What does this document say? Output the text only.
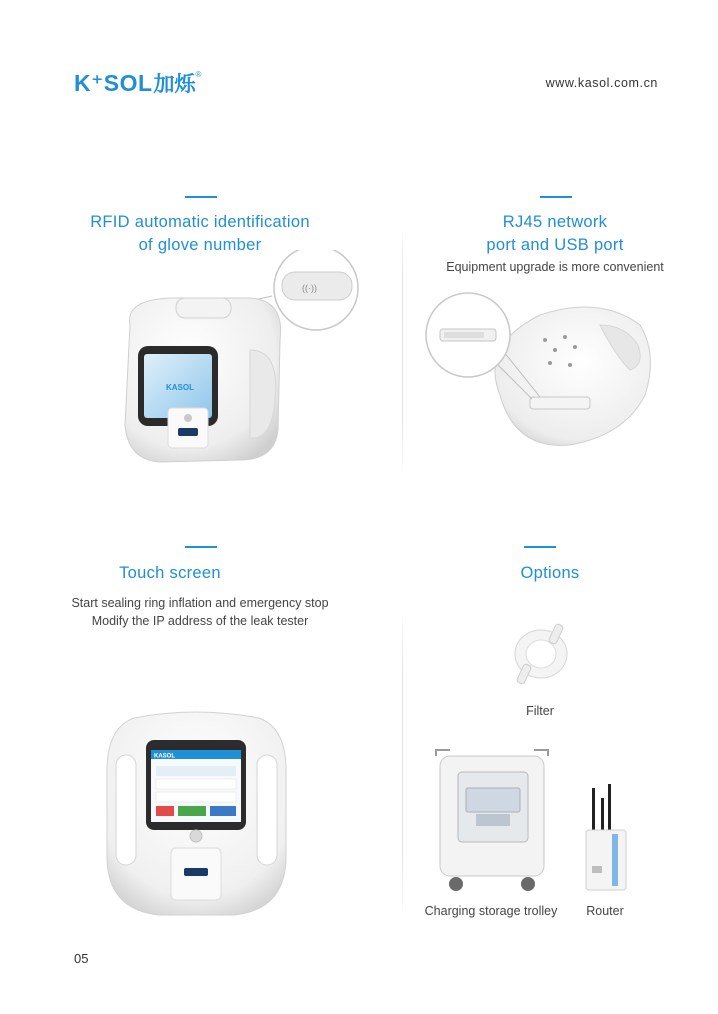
K⁺SOL 加烁 ®
www.kasol.com.cn
RFID automatic identification
of glove number
KASOL
((·))
RJ45 network
port and USB port
Equipment upgrade is more convenient
Touch screen
Start sealing ring inflation and emergency stop
Modify the IP address of the leak tester
KASOL
Options
Filter
Charging storage trolley	Router
05
